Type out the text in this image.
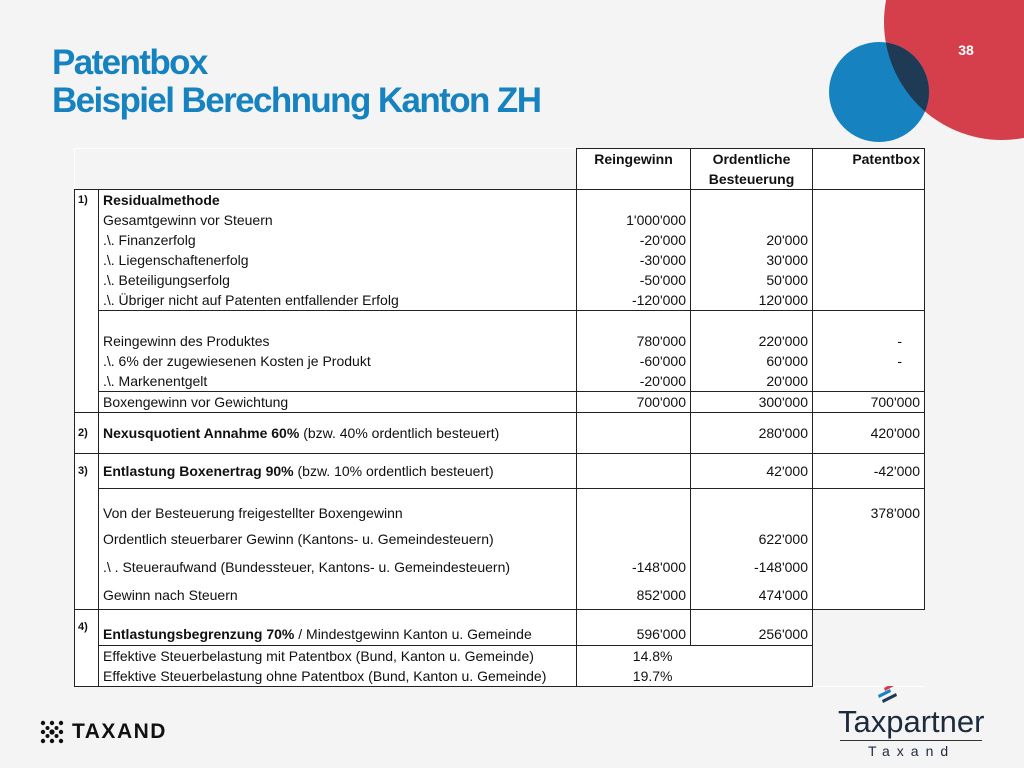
38
Patentbox
Beispiel Berechnung Kanton ZH
		Reingewinn	Ordentliche	Patentbox
			Besteuerung	
1)	Residualmethode			
	Gesamtgewinn vor Steuern	1'000'000		
	.\. Finanzerfolg	-20'000	20'000	
	.\. Liegenschaftenerfolg	-30'000	30'000	
	.\. Beteiligungserfolg	-50'000	50'000	
	.\. Übriger nicht auf Patenten entfallender Erfolg	-120'000	120'000	

	Reingewinn des Produktes	780'000	220'000	-
	.\. 6% der zugewiesenen Kosten je Produkt	-60'000	60'000	-
	.\. Markenentgelt	-20'000	20'000	
	Boxengewinn vor Gewichtung	700'000	300'000	700'000
2)	Nexusquotient Annahme 60% (bzw. 40% ordentlich besteuert)		280'000	420'000
3)	Entlastung Boxenertrag 90% (bzw. 10% ordentlich besteuert)		42'000	-42'000
	Von der Besteuerung freigestellter Boxengewinn			378'000
	Ordentlich steuerbarer Gewinn (Kantons- u. Gemeindesteuern)		622'000	
	.\ . Steueraufwand (Bundessteuer, Kantons- u. Gemeindesteuern)	-148'000	-148'000	
	Gewinn nach Steuern	852'000	474'000	
4)	Entlastungsbegrenzung 70% / Mindestgewinn Kanton u. Gemeinde	596'000	256'000	
	Effektive Steuerbelastung mit Patentbox (Bund, Kanton u. Gemeinde)	14.8%		
	Effektive Steuerbelastung ohne Patentbox (Bund, Kanton u. Gemeinde)	19.7%		
TAXAND	Taxpartner
Taxand
